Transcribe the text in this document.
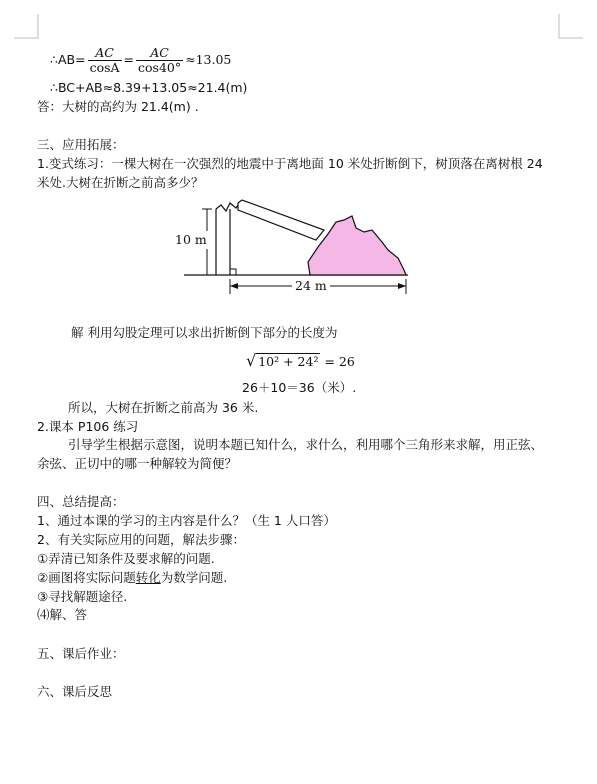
∴AB= $\frac{AC}{\cos A} = \frac{AC}{\cos 40^\circ} \approx 13.05$
∴BC+AB≈8.39+13.05≈21.4(m)
答：大树的高约为 21.4(m) .
三、应用拓展：
1.变式练习：一棵大树在一次强烈的地震中于离地面 10 米处折断倒下，树顶落在离树根 24
米处.大树在折断之前高多少？
10 m
24 m
解 利用勾股定理可以求出折断倒下部分的长度为
√ 10² + 24² = 26
26＋10＝36（米）.
所以，大树在折断之前高为 36 米.
2.课本 P106 练习
引导学生根据示意图，说明本题已知什么，求什么，利用哪个三角形来求解，用正弦、
余弦、正切中的哪一种解较为简便？
四、总结提高：
1、通过本课的学习的主内容是什么？（生 1 人口答）
2、有关实际应用的问题，解法步骤：
①弄清已知条件及要求解的问题.
②画图将实际问题转化为数学问题.
③寻找解题途径.
⑷解、答
五、课后作业：
六、课后反思
